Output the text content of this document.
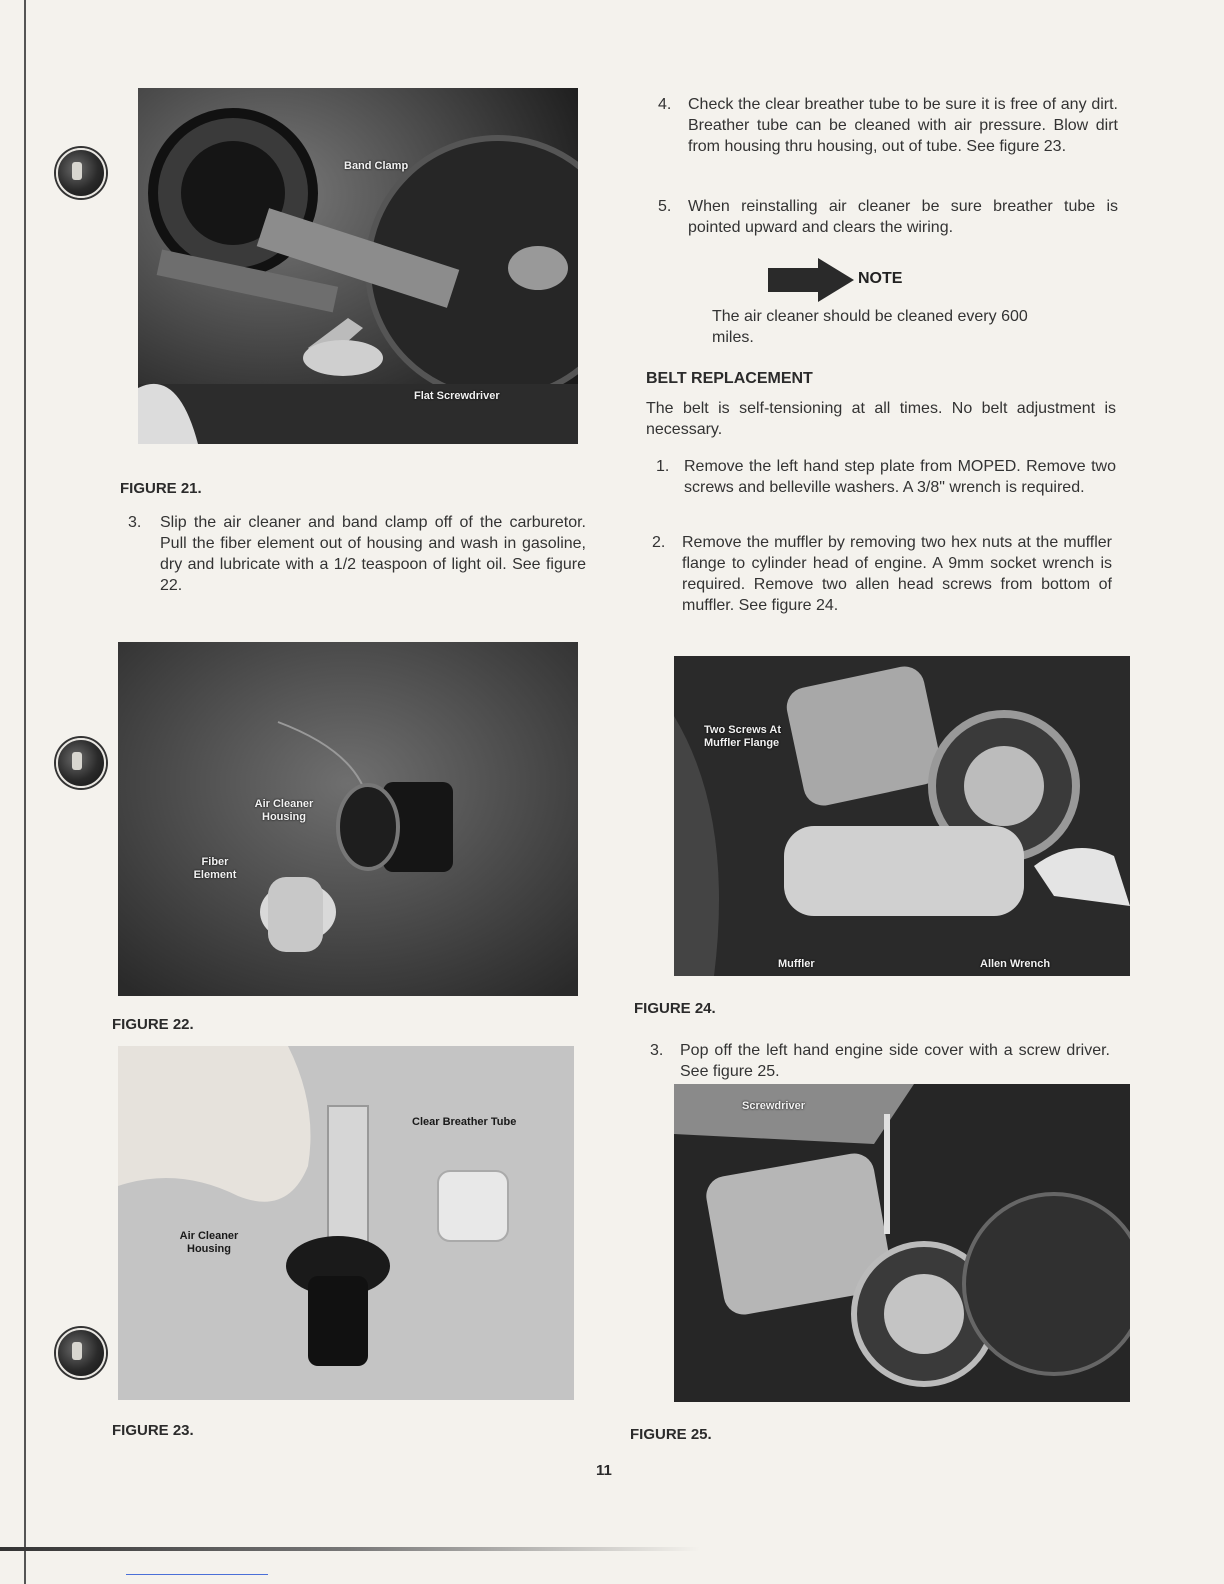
Band Clamp
Flat Screwdriver
FIGURE 21.
3.	Slip the air cleaner and band clamp off of the carburetor. Pull the fiber element out of housing and wash in gasoline, dry and lubricate with a 1/2 teaspoon of light oil. See figure 22.
Air Cleaner Housing
Fiber Element
FIGURE 22.
Clear Breather Tube
Air Cleaner Housing
FIGURE 23.
4.	Check the clear breather tube to be sure it is free of any dirt. Breather tube can be cleaned with air pressure. Blow dirt from housing thru housing, out of tube. See figure 23.
5.	When reinstalling air cleaner be sure breather tube is pointed upward and clears the wiring.
NOTE
The air cleaner should be cleaned every 600 miles.
BELT REPLACEMENT
The belt is self-tensioning at all times. No belt adjustment is necessary.
1. Remove the left hand step plate from MOPED. Remove two screws and belleville washers. A 3/8" wrench is required.
2.	Remove the muffler by removing two hex nuts at the muffler flange to cylinder head of engine. A 9mm socket wrench is required. Remove two allen head screws from bottom of muffler. See figure 24.
Two Screws At Muffler Flange
Muffler	Allen Wrench
FIGURE 24.
3.	Pop off the left hand engine side cover with a screw driver. See figure 25.
Screwdriver
FIGURE 25.
11
